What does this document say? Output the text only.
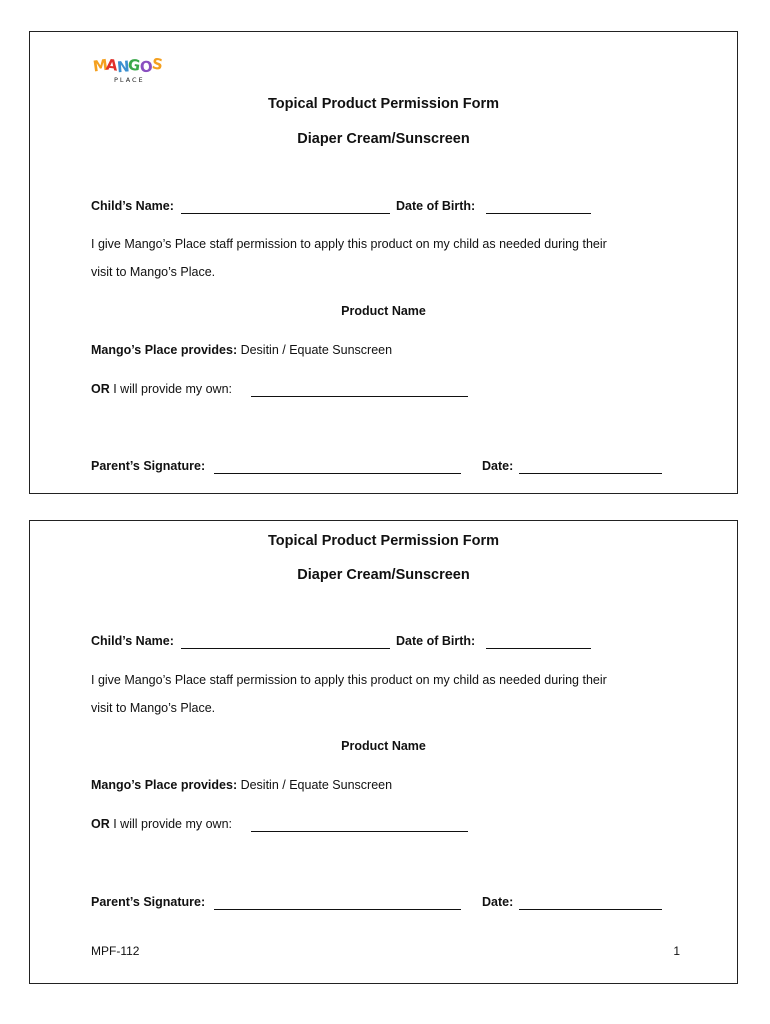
M
A
N
G
O
S
PLACE
Topical Product Permission Form
Diaper Cream/Sunscreen
Child’s Name:	Date of Birth:
I give Mango’s Place staff permission to apply this product on my child as needed during their
visit to Mango’s Place.
Product Name
Mango’s Place provides: Desitin / Equate Sunscreen
OR I will provide my own:
Parent’s Signature:	Date:
Topical Product Permission Form
Diaper Cream/Sunscreen
Child’s Name:	Date of Birth:
I give Mango’s Place staff permission to apply this product on my child as needed during their
visit to Mango’s Place.
Product Name
Mango’s Place provides: Desitin / Equate Sunscreen
OR I will provide my own:
Parent’s Signature:	Date:
MPF-112	1
